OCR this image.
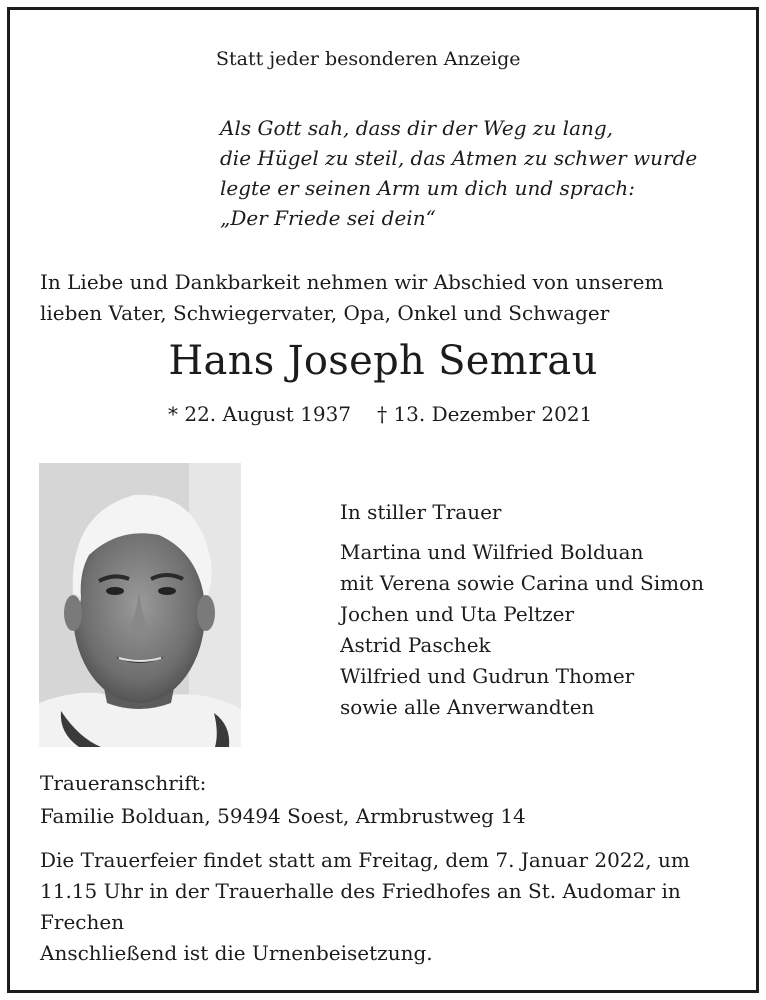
Statt jeder besonderen Anzeige
Als Gott sah, dass dir der Weg zu lang,
die Hügel zu steil, das Atmen zu schwer wurde
legte er seinen Arm um dich und sprach:
„Der Friede sei dein“
In Liebe und Dankbarkeit nehmen wir Abschied von unserem
lieben Vater, Schwiegervater, Opa, Onkel und Schwager
Hans Joseph Semrau
* 22. August 1937 † 13. Dezember 2021
In stiller Trauer
Martina und Wilfried Bolduan
mit Verena sowie Carina und Simon
Jochen und Uta Peltzer
Astrid Paschek
Wilfried und Gudrun Thomer
sowie alle Anverwandten
Traueranschrift:
Familie Bolduan, 59494 Soest, Armbrustweg 14
Die Trauerfeier findet statt am Freitag, dem 7. Januar 2022, um
11.15 Uhr in der Trauerhalle des Friedhofes an St. Audomar in
Frechen
Anschließend ist die Urnenbeisetzung.
